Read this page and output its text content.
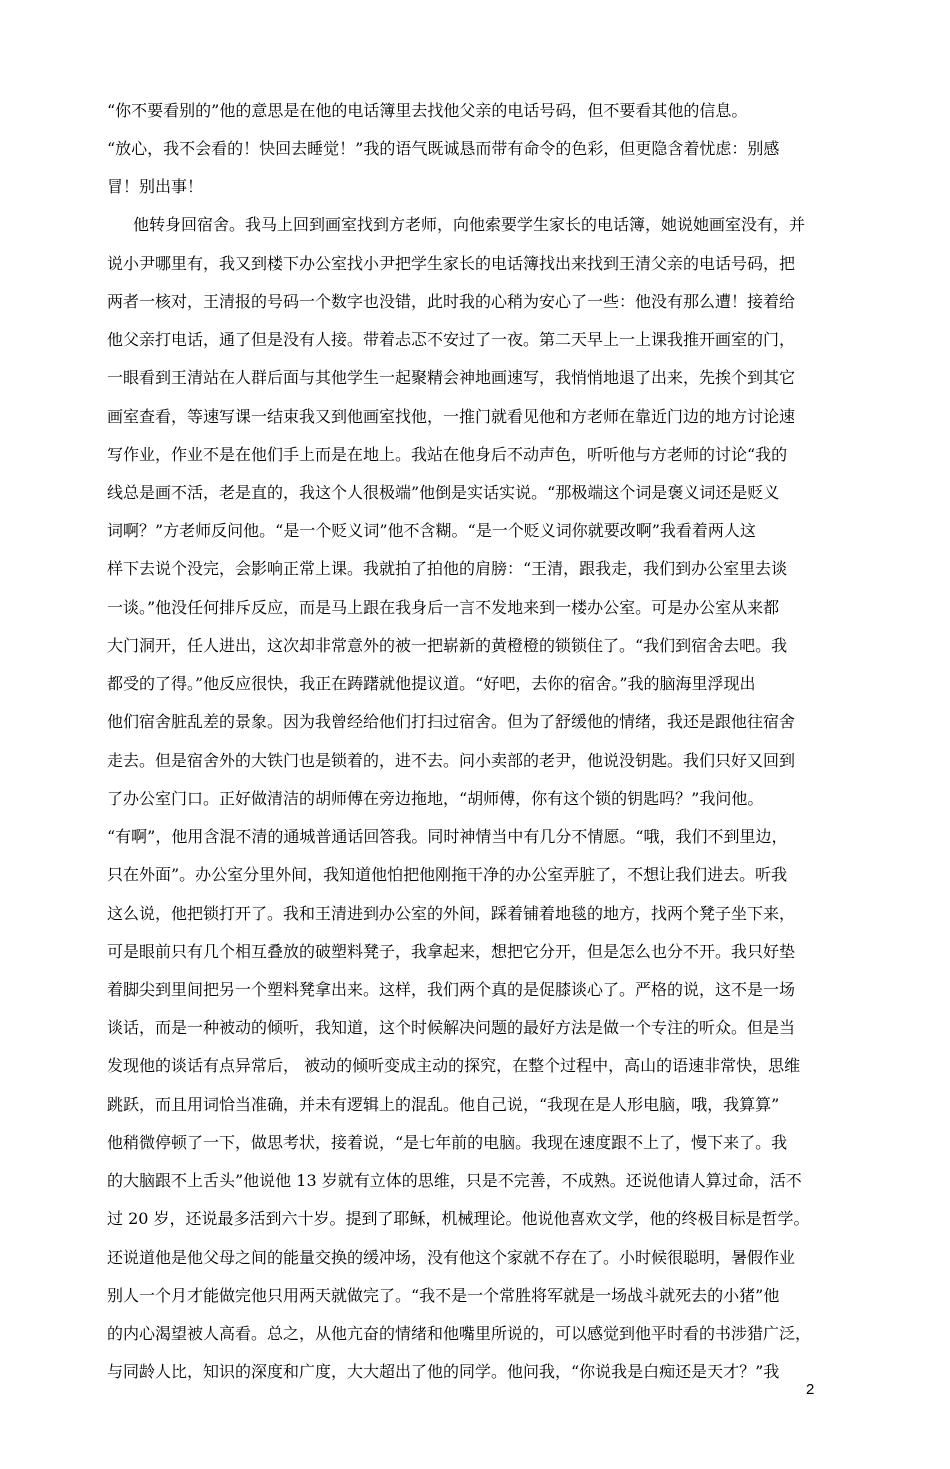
“你不要看别的”他的意思是在他的电话簿里去找他父亲的电话号码，但不要看其他的信息。
“放心，我不会看的！快回去睡觉！”我的语气既诚恳而带有命令的色彩，但更隐含着忧虑：别感
冒！别出事！
他转身回宿舍。我马上回到画室找到方老师，向他索要学生家长的电话簿，她说她画室没有，并
说小尹哪里有，我又到楼下办公室找小尹把学生家长的电话簿找出来找到王清父亲的电话号码，把
两者一核对，王清报的号码一个数字也没错，此时我的心稍为安心了一些：他没有那么遭！接着给
他父亲打电话，通了但是没有人接。带着忐忑不安过了一夜。第二天早上一上课我推开画室的门，
一眼看到王清站在人群后面与其他学生一起聚精会神地画速写，我悄悄地退了出来，先挨个到其它
画室查看，等速写课一结束我又到他画室找他，一推门就看见他和方老师在靠近门边的地方讨论速
写作业，作业不是在他们手上而是在地上。我站在他身后不动声色，听听他与方老师的讨论“我的
线总是画不活，老是直的，我这个人很极端”他倒是实话实说。“那极端这个词是褒义词还是贬义
词啊？”方老师反问他。“是一个贬义词”他不含糊。“是一个贬义词你就要改啊”我看着两人这
样下去说个没完，会影响正常上课。我就拍了拍他的肩膀：“王清，跟我走，我们到办公室里去谈
一谈。”他没任何排斥反应，而是马上跟在我身后一言不发地来到一楼办公室。可是办公室从来都
大门洞开，任人进出，这次却非常意外的被一把崭新的黄橙橙的锁锁住了。“我们到宿舍去吧。我
都受的了得。”他反应很快，我正在踌躇就他提议道。“好吧，去你的宿舍。”我的脑海里浮现出
他们宿舍脏乱差的景象。因为我曾经给他们打扫过宿舍。但为了舒缓他的情绪，我还是跟他往宿舍
走去。但是宿舍外的大铁门也是锁着的，进不去。问小卖部的老尹，他说没钥匙。我们只好又回到
了办公室门口。正好做清洁的胡师傅在旁边拖地，“胡师傅，你有这个锁的钥匙吗？”我问他。
“有啊”，他用含混不清的通城普通话回答我。同时神情当中有几分不情愿。“哦，我们不到里边，
只在外面”。办公室分里外间，我知道他怕把他刚拖干净的办公室弄脏了，不想让我们进去。听我
这么说，他把锁打开了。我和王清进到办公室的外间，踩着铺着地毯的地方，找两个凳子坐下来，
可是眼前只有几个相互叠放的破塑料凳子，我拿起来，想把它分开，但是怎么也分不开。我只好垫
着脚尖到里间把另一个塑料凳拿出来。这样，我们两个真的是促膝谈心了。严格的说，这不是一场
谈话，而是一种被动的倾听，我知道，这个时候解决问题的最好方法是做一个专注的听众。但是当
发现他的谈话有点异常后， 被动的倾听变成主动的探究，在整个过程中，高山的语速非常快，思维
跳跃，而且用词恰当准确，并未有逻辑上的混乱。他自己说，“我现在是人形电脑，哦，我算算”
他稍微停顿了一下，做思考状，接着说，“是七年前的电脑。我现在速度跟不上了，慢下来了。我
的大脑跟不上舌头”他说他 13 岁就有立体的思维，只是不完善，不成熟。还说他请人算过命，活不
过 20 岁，还说最多活到六十岁。提到了耶稣，机械理论。他说他喜欢文学，他的终极目标是哲学。
还说道他是他父母之间的能量交换的缓冲场，没有他这个家就不存在了。小时候很聪明，暑假作业
别人一个月才能做完他只用两天就做完了。“我不是一个常胜将军就是一场战斗就死去的小猪”他
的内心渴望被人高看。总之，从他亢奋的情绪和他嘴里所说的，可以感觉到他平时看的书涉猎广泛，
与同龄人比，知识的深度和广度，大大超出了他的同学。他问我，“你说我是白痴还是天才？”我
2
